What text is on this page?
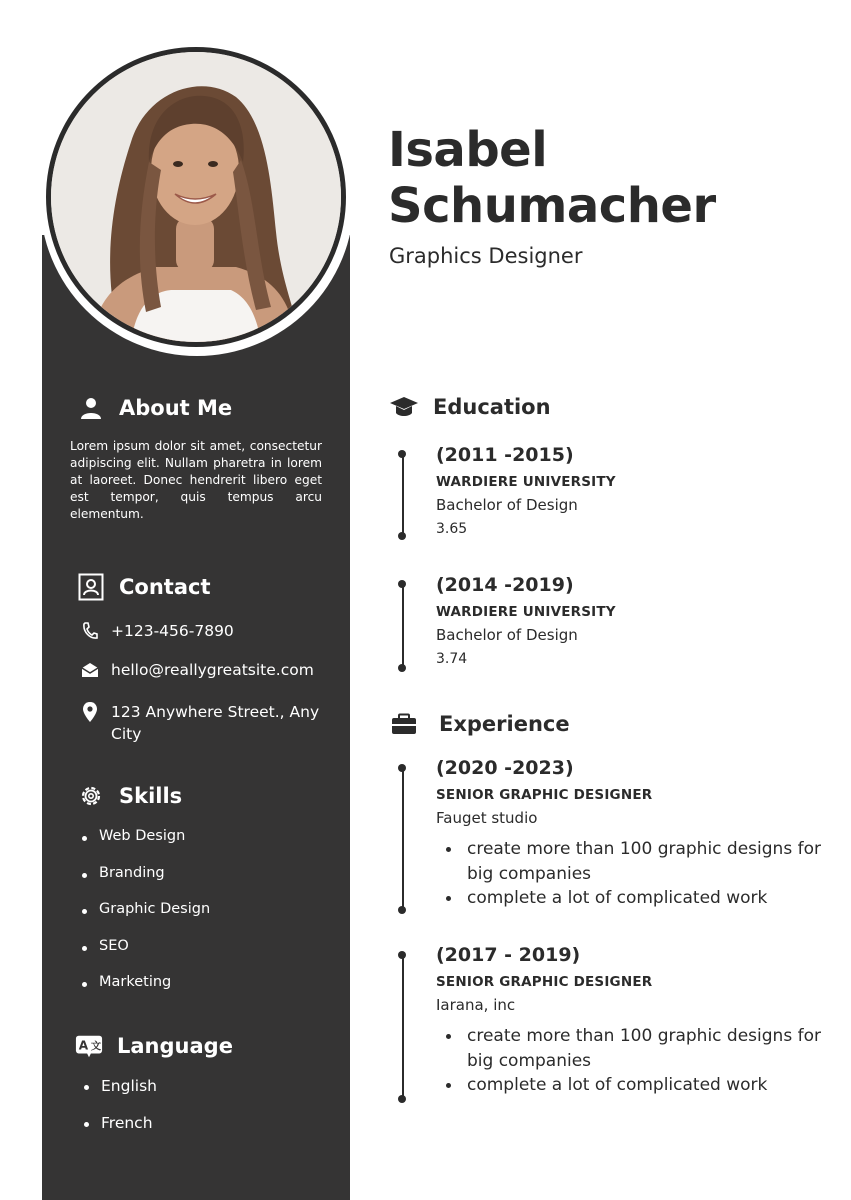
Isabel
Schumacher
Graphics Designer
About Me
Lorem ipsum dolor sit amet, consectetur adipiscing elit. Nullam pharetra in lorem at laoreet. Donec hendrerit libero eget est tempor, quis tempus arcu elementum.
Contact
+123-456-7890
hello@reallygreatsite.com
123 Anywhere Street., Any City
Skills
Web Design
Branding
Graphic Design
SEO
Marketing
A 文 Language
English
French
Education
(2011 -2015)
WARDIERE UNIVERSITY
Bachelor of Design
3.65
(2014 -2019)
WARDIERE UNIVERSITY
Bachelor of Design
3.74
Experience
(2020 -2023)
SENIOR GRAPHIC DESIGNER
Fauget studio
create more than 100 graphic designs for big companies
complete a lot of complicated work
(2017 - 2019)
SENIOR GRAPHIC DESIGNER
Iarana, inc
create more than 100 graphic designs for big companies
complete a lot of complicated work
